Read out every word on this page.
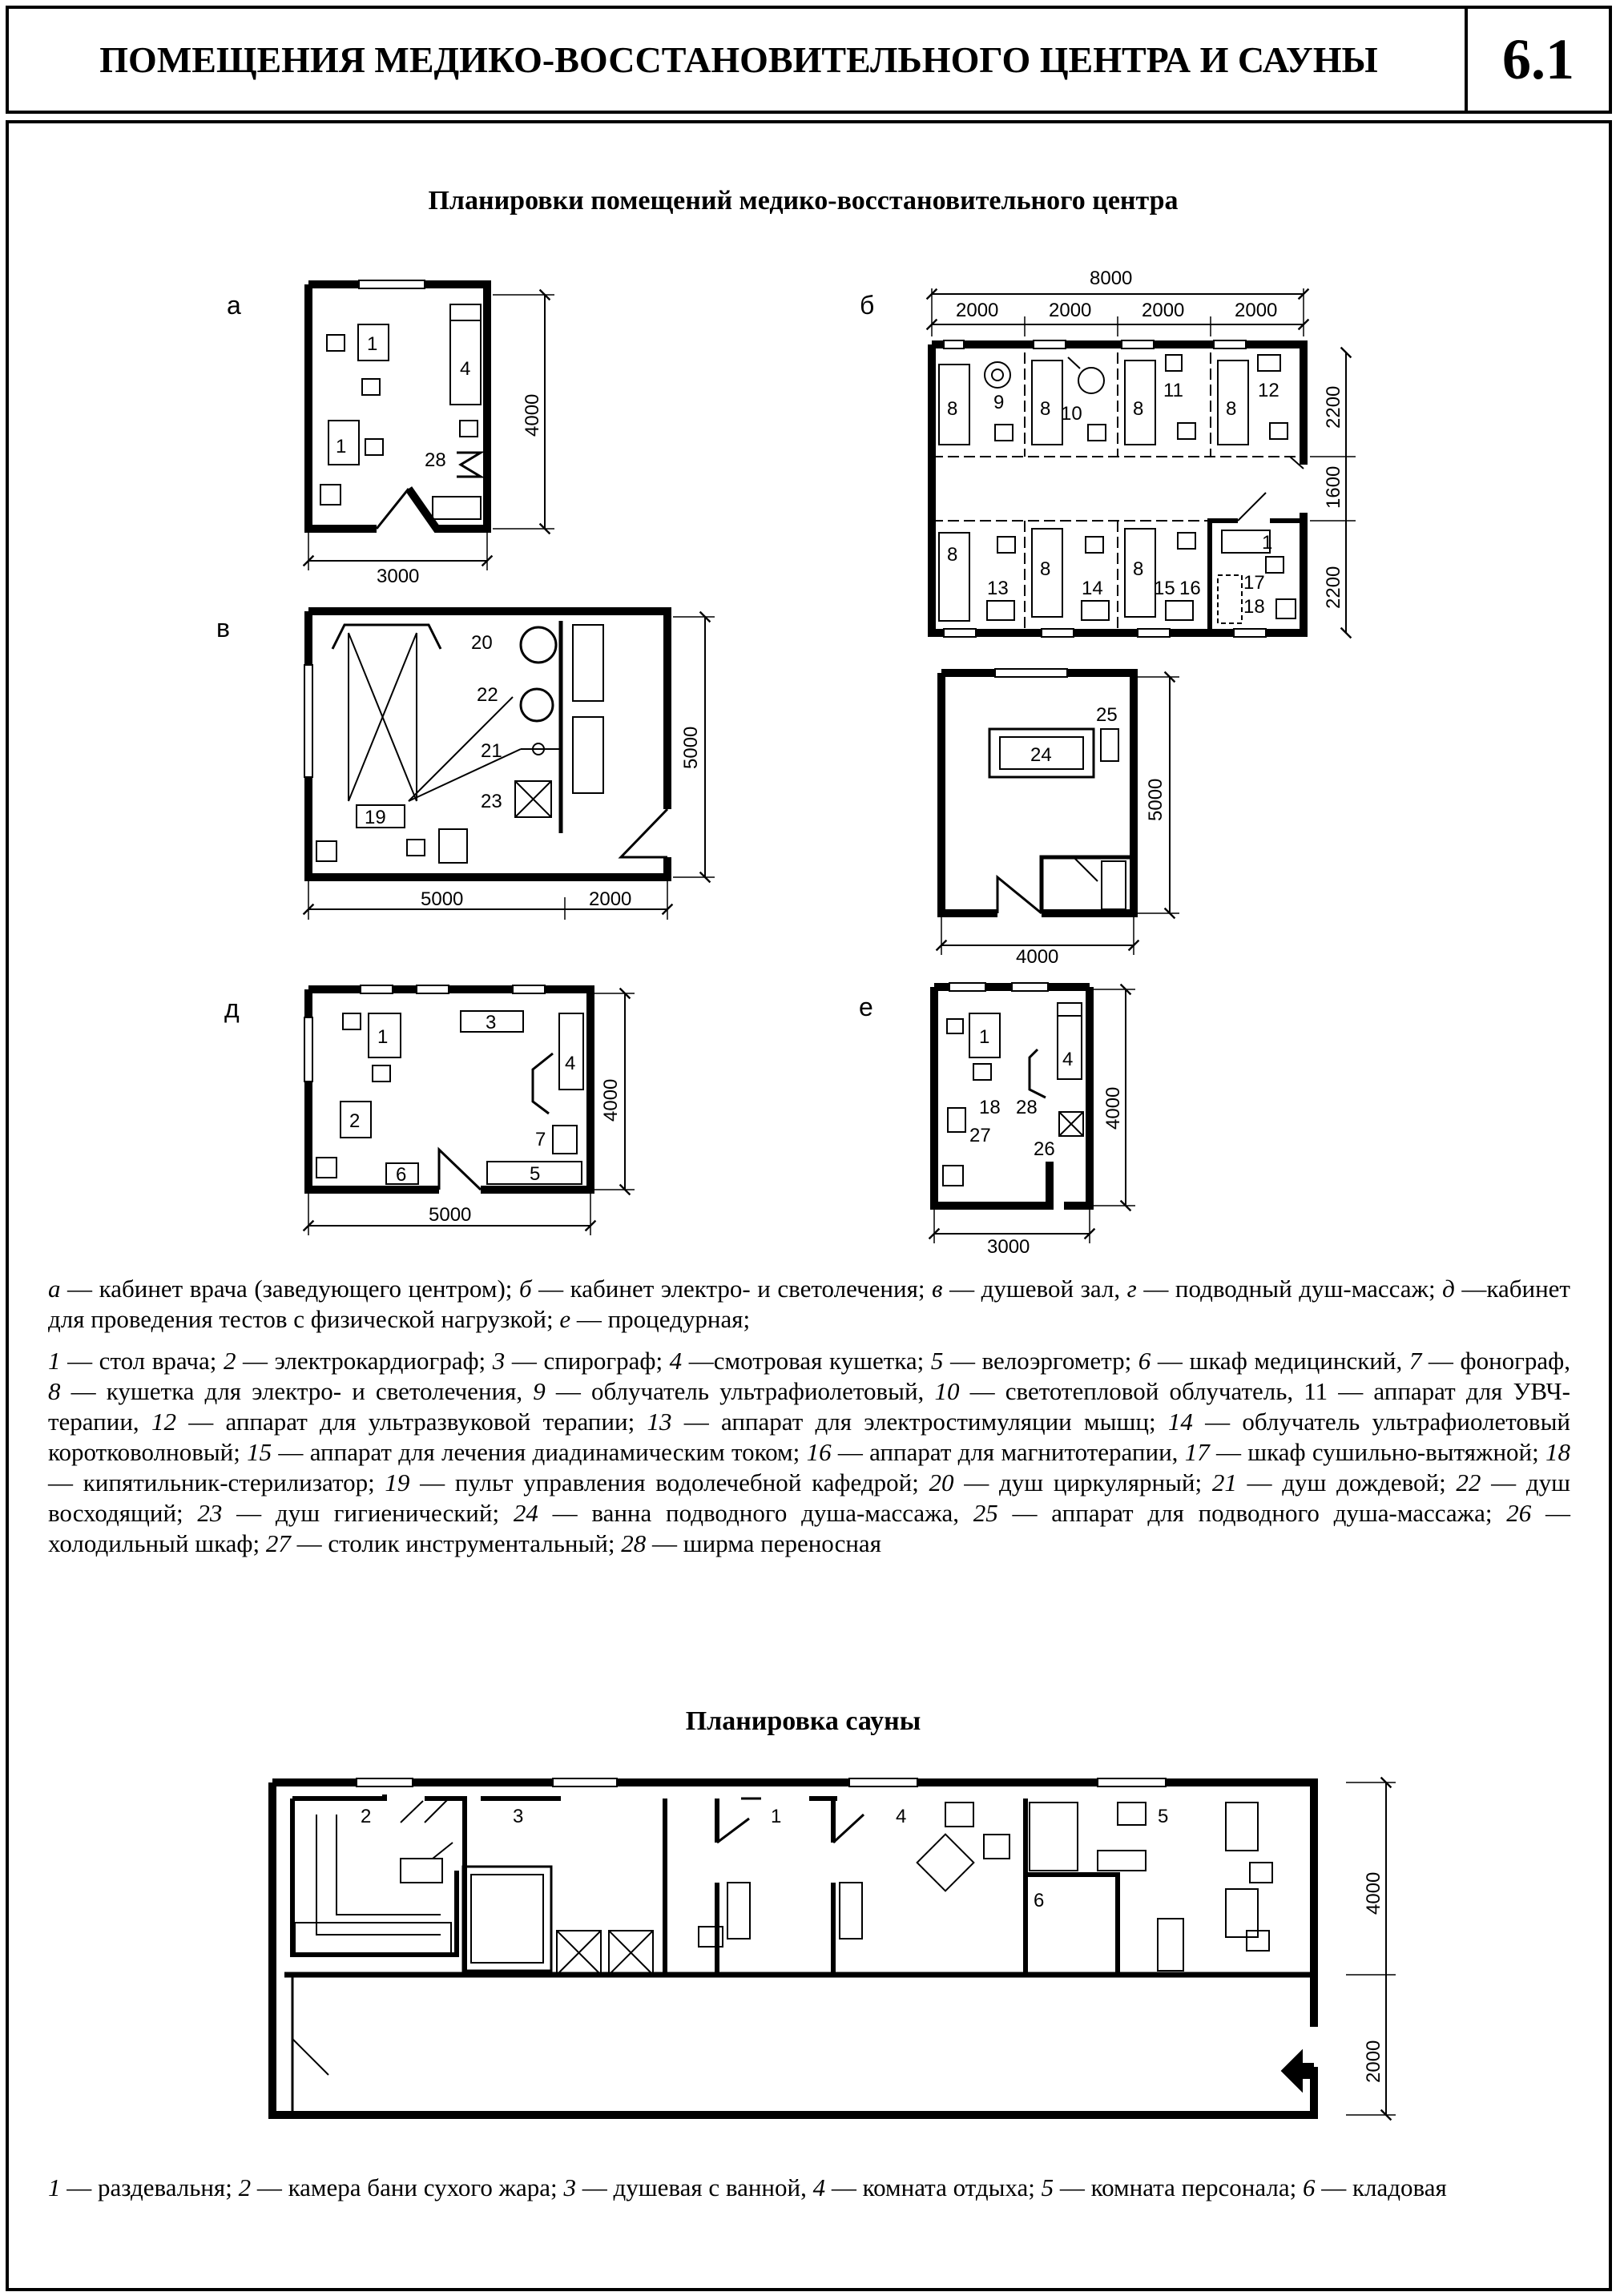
ПОМЕЩЕНИЯ МЕДИКО-ВОССТАНОВИТЕЛЬНОГО ЦЕНТРА И САУНЫ	6.1
Планировки помещений медико-восстановительного центра
а
1
1
4
28
3000
4000
б
8000
2000	2000	2000	2000
8 9 8 10	8
11
8
12
8
13
8
14
8
15 16
1
17
18
2200
1600
2200
в
19
20
22
21
23
5000	2000
5000	24
25
4000
5000
д
1
3
4
2
7
5
6
5000
4000
е
1
4
18 28
27
26
3000
4000
2	3	1	4	5
6	4000
2000

а — кабинет врача (заведующего центром); б — кабинет электро- и светолечения; в — душевой зал, г — подводный душ-массаж; д —кабинет для проведения тестов с физической нагрузкой; е — процедурная;

1 — стол врача; 2 — электрокардиограф; 3 — спирограф; 4 —смотровая кушетка; 5 — велоэргометр; 6 — шкаф медицинский, 7 — фонограф, 8 — кушетка для электро- и светолечения, 9 — облучатель ультрафиолетовый, 10 — светотепловой облучатель, 11 — аппарат для УВЧ-терапии, 12 — аппарат для ультразвуковой терапии; 13 — аппарат для электростимуляции мышц; 14 — облучатель ультрафиолетовый коротковолновый; 15 — аппарат для лечения диадинамическим током; 16 — аппарат для магнитотерапии, 17 — шкаф сушильно-вытяжной; 18 — кипятильник-стерилизатор; 19 — пульт управления водолечебной кафедрой; 20 — душ циркулярный; 21 — душ дождевой; 22 — душ восходящий; 23 — душ гигиенический; 24 — ванна подводного душа-массажа, 25 — аппарат для подводного душа-массажа; 26 — холодильный шкаф; 27 — столик инструментальный; 28 — ширма переносная

Планировка сауны

1 — раздевальня; 2 — камера бани сухого жара; 3 — душевая с ванной, 4 — комната отдыха; 5 — комната персонала; 6 — кладовая
